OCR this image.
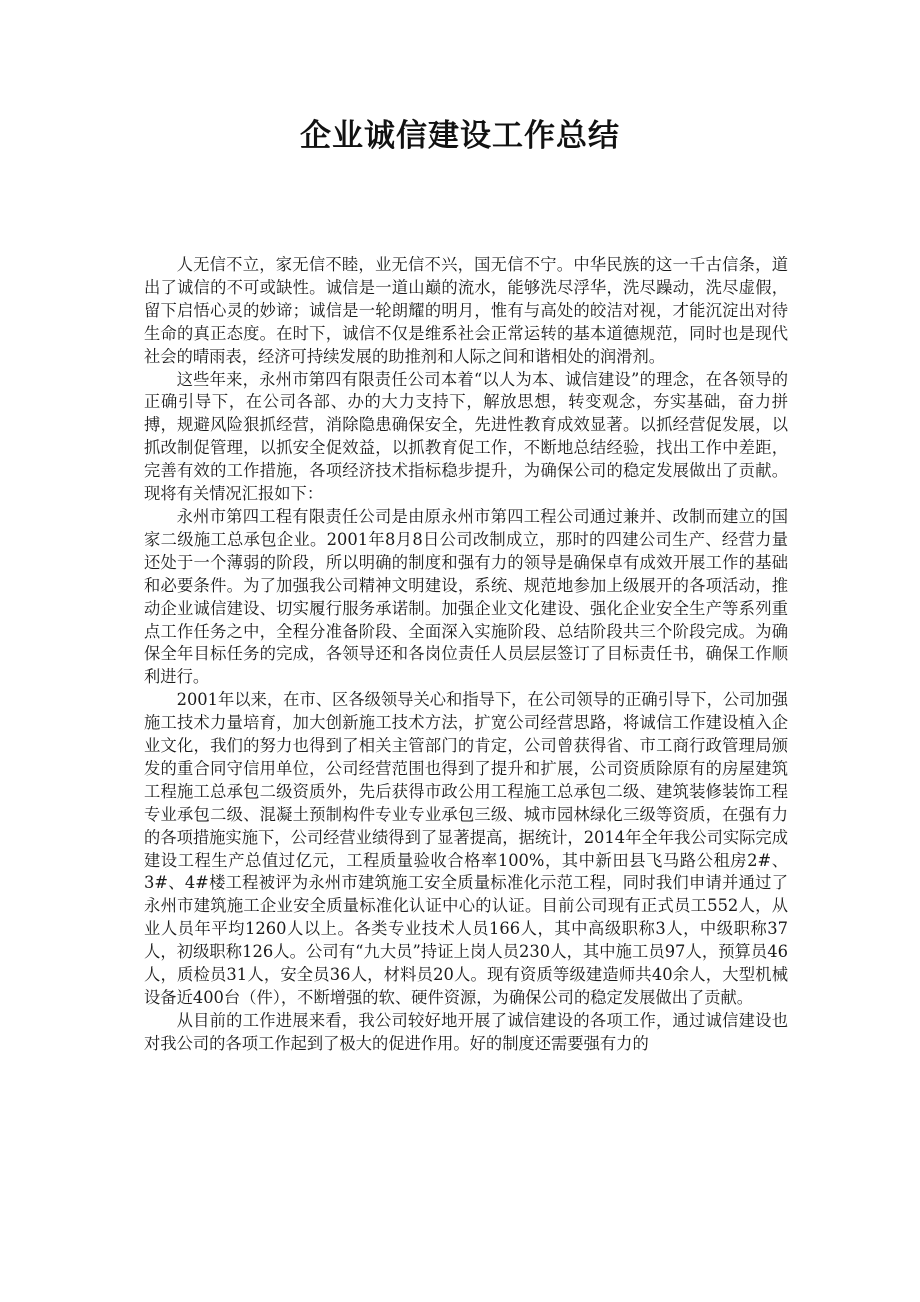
企业诚信建设工作总结

人无信不立，家无信不睦，业无信不兴，国无信不宁。中华民族的这一千古信条，道出了诚信的不可或缺性。诚信是一道山巅的流水，能够洗尽浮华，洗尽躁动，洗尽虚假，留下启悟心灵的妙谛；诚信是一轮朗耀的明月，惟有与高处的皎洁对视，才能沉淀出对待生命的真正态度。在时下，诚信不仅是维系社会正常运转的基本道德规范，同时也是现代社会的晴雨表，经济可持续发展的助推剂和人际之间和谐相处的润滑剂。

这些年来，永州市第四有限责任公司本着“以人为本、诚信建设”的理念，在各领导的正确引导下，在公司各部、办的大力支持下，解放思想，转变观念，夯实基础，奋力拼搏，规避风险狠抓经营，消除隐患确保安全，先进性教育成效显著。以抓经营促发展，以抓改制促管理，以抓安全促效益，以抓教育促工作，不断地总结经验，找出工作中差距，完善有效的工作措施，各项经济技术指标稳步提升，为确保公司的稳定发展做出了贡献。现将有关情况汇报如下：

永州市第四工程有限责任公司是由原永州市第四工程公司通过兼并、改制而建立的国家二级施工总承包企业。2001年8月8日公司改制成立，那时的四建公司生产、经营力量还处于一个薄弱的阶段，所以明确的制度和强有力的领导是确保卓有成效开展工作的基础和必要条件。为了加强我公司精神文明建设，系统、规范地参加上级展开的各项活动，推动企业诚信建设、切实履行服务承诺制。加强企业文化建设、强化企业安全生产等系列重点工作任务之中，全程分准备阶段、全面深入实施阶段、总结阶段共三个阶段完成。为确保全年目标任务的完成，各领导还和各岗位责任人员层层签订了目标责任书，确保工作顺利进行。

2001年以来，在市、区各级领导关心和指导下，在公司领导的正确引导下，公司加强施工技术力量培育，加大创新施工技术方法，扩宽公司经营思路，将诚信工作建设植入企业文化，我们的努力也得到了相关主管部门的肯定，公司曾获得省、市工商行政管理局颁发的重合同守信用单位，公司经营范围也得到了提升和扩展，公司资质除原有的房屋建筑工程施工总承包二级资质外，先后获得市政公用工程施工总承包二级、建筑装修装饰工程专业承包二级、混凝土预制构件专业专业承包三级、城市园林绿化三级等资质，在强有力的各项措施实施下，公司经营业绩得到了显著提高，据统计，2014年全年我公司实际完成建设工程生产总值过亿元，工程质量验收合格率100%，其中新田县飞马路公租房2#、3#、4#楼工程被评为永州市建筑施工安全质量标准化示范工程，同时我们申请并通过了永州市建筑施工企业安全质量标准化认证中心的认证。目前公司现有正式员工552人，从业人员年平均1260人以上。各类专业技术人员166人，其中高级职称3人，中级职称37人，初级职称126人。公司有“九大员”持证上岗人员230人，其中施工员97人，预算员46人，质检员31人，安全员36人，材料员20人。现有资质等级建造师共40余人，大型机械设备近400台（件），不断增强的软、硬件资源，为确保公司的稳定发展做出了贡献。

从目前的工作进展来看，我公司较好地开展了诚信建设的各项工作，通过诚信建设也对我公司的各项工作起到了极大的促进作用。好的制度还需要强有力的
